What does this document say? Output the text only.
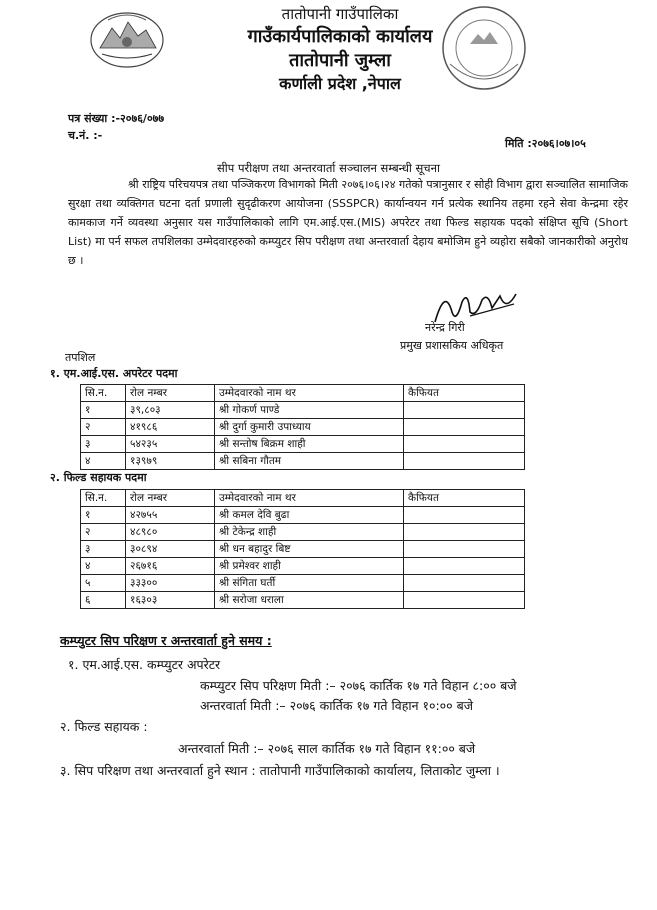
तातोपानी गाउँपालिका
गाउँकार्यपालिकाको कार्यालय
तातोपानी जुम्ला
कर्णाली प्रदेश ,नेपाल
पत्र संख्या :-२०७६/०७७
च.नं. :-
मिति :२०७६।०७।०५
सीप परीक्षण तथा अन्तरवार्ता सञ्चालन सम्बन्धी सूचना

श्री राष्ट्रिय परिचयपत्र तथा पञ्जिकरण विभागको मिती २०७६।०६।२४ गतेको पत्रानुसार र सोही विभाग द्वारा सञ्चालित सामाजिक सुरक्षा तथा व्यक्तिगत घटना दर्ता प्रणाली सुदृढीकरण आयोजना (SSSPCR) कार्यान्वयन गर्न प्रत्येक स्थानिय तहमा रहने सेवा केन्द्रमा रहेर कामकाज गर्ने व्यवस्था अनुसार यस गाउँपालिकाको लागि एम.आई.एस.(MIS) अपरेटर तथा फिल्ड सहायक पदको संक्षिप्त सूचि (Short List) मा पर्न सफल तपशिलका उम्मेदवारहरुको कम्प्युटर सिप परीक्षण तथा अन्तरवार्ता देहाय बमोजिम हुने व्यहोरा सबैको जानकारीको अनुरोध छ ।

नरेन्द्र गिरी
प्रमुख प्रशासकिय अधिकृत
तपशिल
१. एम.आई.एस. अपरेटर पदमा
सि.न.	रोल नम्बर	उम्मेदवारको नाम थर	कैफियत
१	३९,८०३	श्री गोकर्ण पाण्डे	
२	४१९८६	श्री दुर्गा कुमारी उपाध्याय	
३	५४२३५	श्री सन्तोष बिक्रम शाही	
४	१३९७९	श्री सबिना गौतम	
२. फिल्ड सहायक पदमा
सि.न.	रोल नम्बर	उम्मेदवारको नाम थर	कैफियत
१	४२७५५	श्री कमल देवि बुढा	
२	४८९८०	श्री टेकेन्द्र शाही	
३	३०८९४	श्री धन बहादुर बिष्ट	
४	२६७१६	श्री प्रमेश्वर शाही	
५	३३३००	श्री संगिता घर्ती	
६	१६३०३	श्री सरोजा धराला	
कम्प्युटर सिप परिक्षण र अन्तरवार्ता हुने समय :
१. एम.आई.एस. कम्प्युटर अपरेटर
कम्प्युटर सिप परिक्षण मिती :– २०७६ कार्तिक १७ गते विहान ८:०० बजे
अन्तरवार्ता मिती :– २०७६ कार्तिक १७ गते विहान १०:०० बजे
२. फिल्ड सहायक :
अन्तरवार्ता मिती :– २०७६ साल कार्तिक १७ गते विहान ११:०० बजे
३. सिप परिक्षण तथा अन्तरवार्ता हुने स्थान : तातोपानी गाउँपालिकाको कार्यालय, लिताकोट जुम्ला ।
